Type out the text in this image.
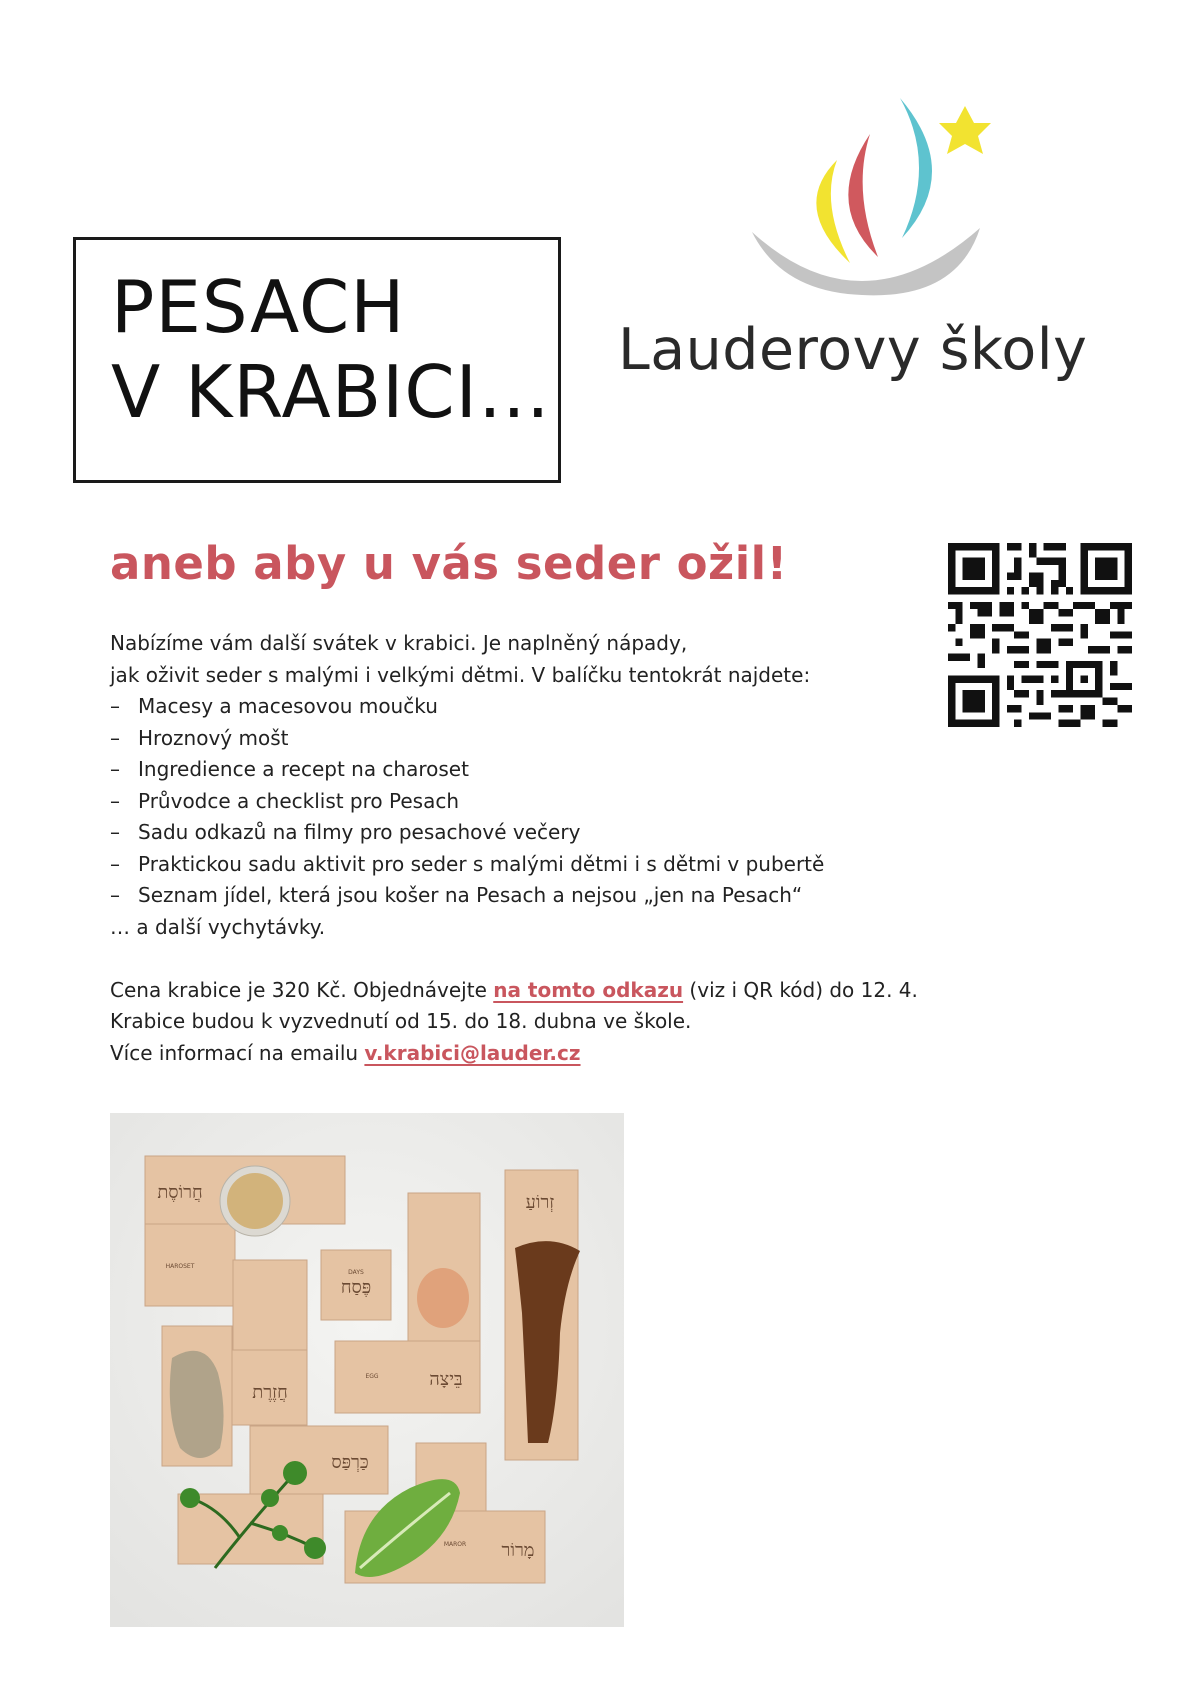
PESACH
V KRABICI… Lauderovy školy
aneb aby u vás seder ožil!

Nabízíme vám další svátek v krabici. Je naplněný nápady,

jak oživit seder s malými i velkými dětmi. V balíčku tentokrát najdete:

– Macesy a macesovou moučku
– Hroznový mošt
– Ingredience a recept na charoset
– Průvodce a checklist pro Pesach
– Sadu odkazů na filmy pro pesachové večery
– Praktickou sadu aktivit pro seder s malými dětmi i s dětmi v pubertě
– Seznam jídel, která jsou košer na Pesach a nejsou „jen na Pesach“

… a další vychytávky.

Cena krabice je 320 Kč. Objednávejte na tomto odkazu (viz i QR kód) do 12. 4.

Krabice budou k vyzvednutí od 15. do 18. dubna ve škole.

Více informací na emailu v.krabici@lauder.cz

חֲרוֹסֶת	זְרוֹעַ
פֶּסַח
חֲזֶרֶת
בֵּיצָה
כַּרְפַּס
מָרוֹר
HAROSET
DAYS
EGG
MAROR
